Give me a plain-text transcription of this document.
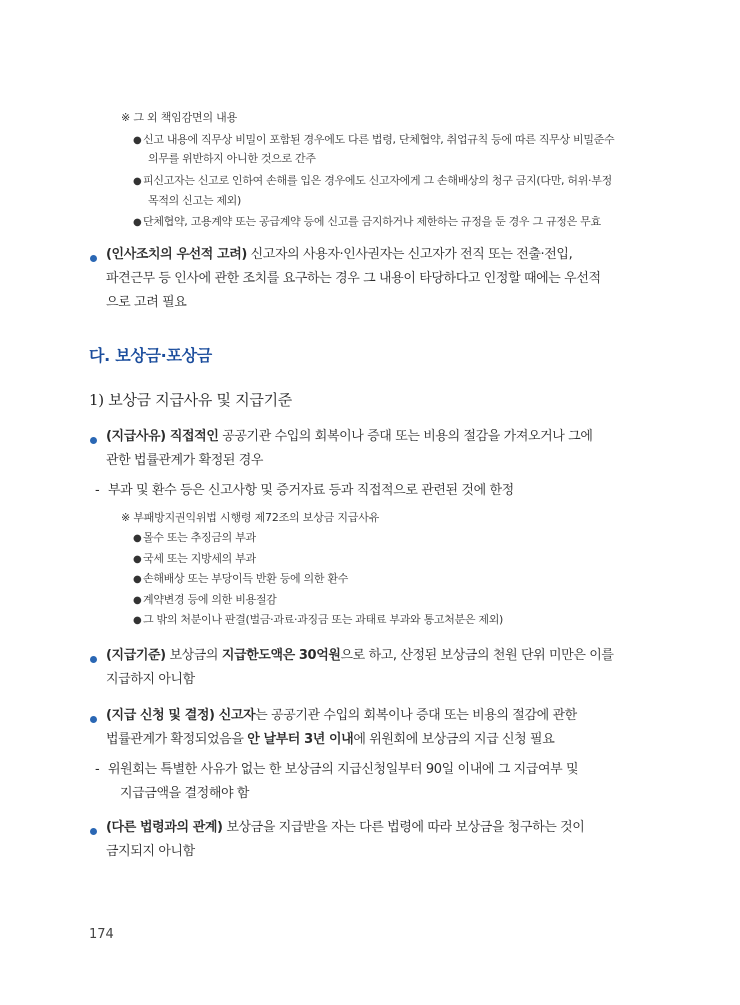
※ 그 외 책임감면의 내용
● 신고 내용에 직무상 비밀이 포함된 경우에도 다른 법령, 단체협약, 취업규칙 등에 따른 직무상 비밀준수
의무를 위반하지 아니한 것으로 간주
● 피신고자는 신고로 인하여 손해를 입은 경우에도 신고자에게 그 손해배상의 청구 금지(다만, 허위·부정
목적의 신고는 제외)
● 단체협약, 고용계약 또는 공급계약 등에 신고를 금지하거나 제한하는 규정을 둔 경우 그 규정은 무효
(인사조치의 우선적 고려) 신고자의 사용자·인사권자는 신고자가 전직 또는 전출·전입,
파견근무 등 인사에 관한 조치를 요구하는 경우 그 내용이 타당하다고 인정할 때에는 우선적
으로 고려 필요
다. 보상금·포상금
1) 보상금 지급사유 및 지급기준
(지급사유) 직접적인 공공기관 수입의 회복이나 증대 또는 비용의 절감을 가져오거나 그에
관한 법률관계가 확정된 경우
- 부과 및 환수 등은 신고사항 및 증거자료 등과 직접적으로 관련된 것에 한정
※ 부패방지권익위법 시행령 제72조의 보상금 지급사유
● 몰수 또는 추징금의 부과
● 국세 또는 지방세의 부과
● 손해배상 또는 부당이득 반환 등에 의한 환수
● 계약변경 등에 의한 비용절감
● 그 밖의 처분이나 판결(벌금·과료·과징금 또는 과태료 부과와 통고처분은 제외)
(지급기준) 보상금의 지급한도액은 30억원으로 하고, 산정된 보상금의 천원 단위 미만은 이를
지급하지 아니함
(지급 신청 및 결정) 신고자는 공공기관 수입의 회복이나 증대 또는 비용의 절감에 관한
법률관계가 확정되었음을 안 날부터 3년 이내에 위원회에 보상금의 지급 신청 필요
- 위원회는 특별한 사유가 없는 한 보상금의 지급신청일부터 90일 이내에 그 지급여부 및
지급금액을 결정해야 함
(다른 법령과의 관계) 보상금을 지급받을 자는 다른 법령에 따라 보상금을 청구하는 것이
금지되지 아니함
174
